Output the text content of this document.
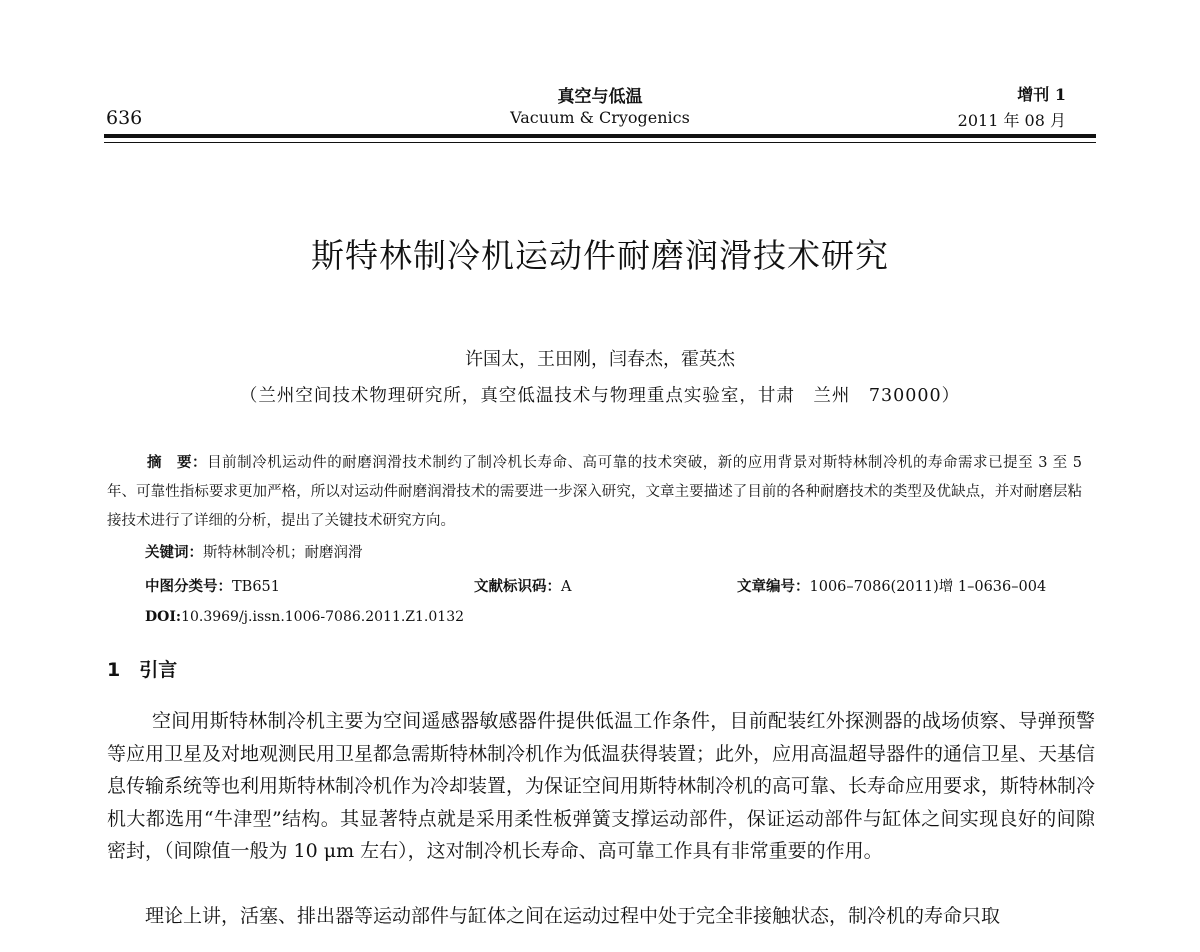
636
真空与低温
Vacuum & Cryogenics
增刊 1
2011 年 08 月
斯特林制冷机运动件耐磨润滑技术研究
许国太，王田刚，闫春杰，霍英杰
（兰州空间技术物理研究所，真空低温技术与物理重点实验室，甘肃　兰州　730000）
摘　要：目前制冷机运动件的耐磨润滑技术制约了制冷机长寿命、高可靠的技术突破，新的应用背景对斯特林制冷机的寿命需求已提至 3 至 5 年、可靠性指标要求更加严格，所以对运动件耐磨润滑技术的需要进一步深入研究，文章主要描述了目前的各种耐磨技术的类型及优缺点，并对耐磨层粘接技术进行了详细的分析，提出了关键技术研究方向。
关键词：斯特林制冷机；耐磨润滑
中图分类号：TB651	文献标识码：A	文章编号：1006–7086(2011)增 1–0636–004
DOI:10.3969/j.issn.1006-7086.2011.Z1.0132
1　引言
空间用斯特林制冷机主要为空间遥感器敏感器件提供低温工作条件，目前配装红外探测器的战场侦察、导弹预警等应用卫星及对地观测民用卫星都急需斯特林制冷机作为低温获得装置；此外，应用高温超导器件的通信卫星、天基信息传输系统等也利用斯特林制冷机作为冷却装置，为保证空间用斯特林制冷机的高可靠、长寿命应用要求，斯特林制冷机大都选用“牛津型”结构。其显著特点就是采用柔性板弹簧支撑运动部件，保证运动部件与缸体之间实现良好的间隙密封，（间隙值一般为 10 μm 左右），这对制冷机长寿命、高可靠工作具有非常重要的作用。
理论上讲，活塞、排出器等运动部件与缸体之间在运动过程中处于完全非接触状态，制冷机的寿命只取
